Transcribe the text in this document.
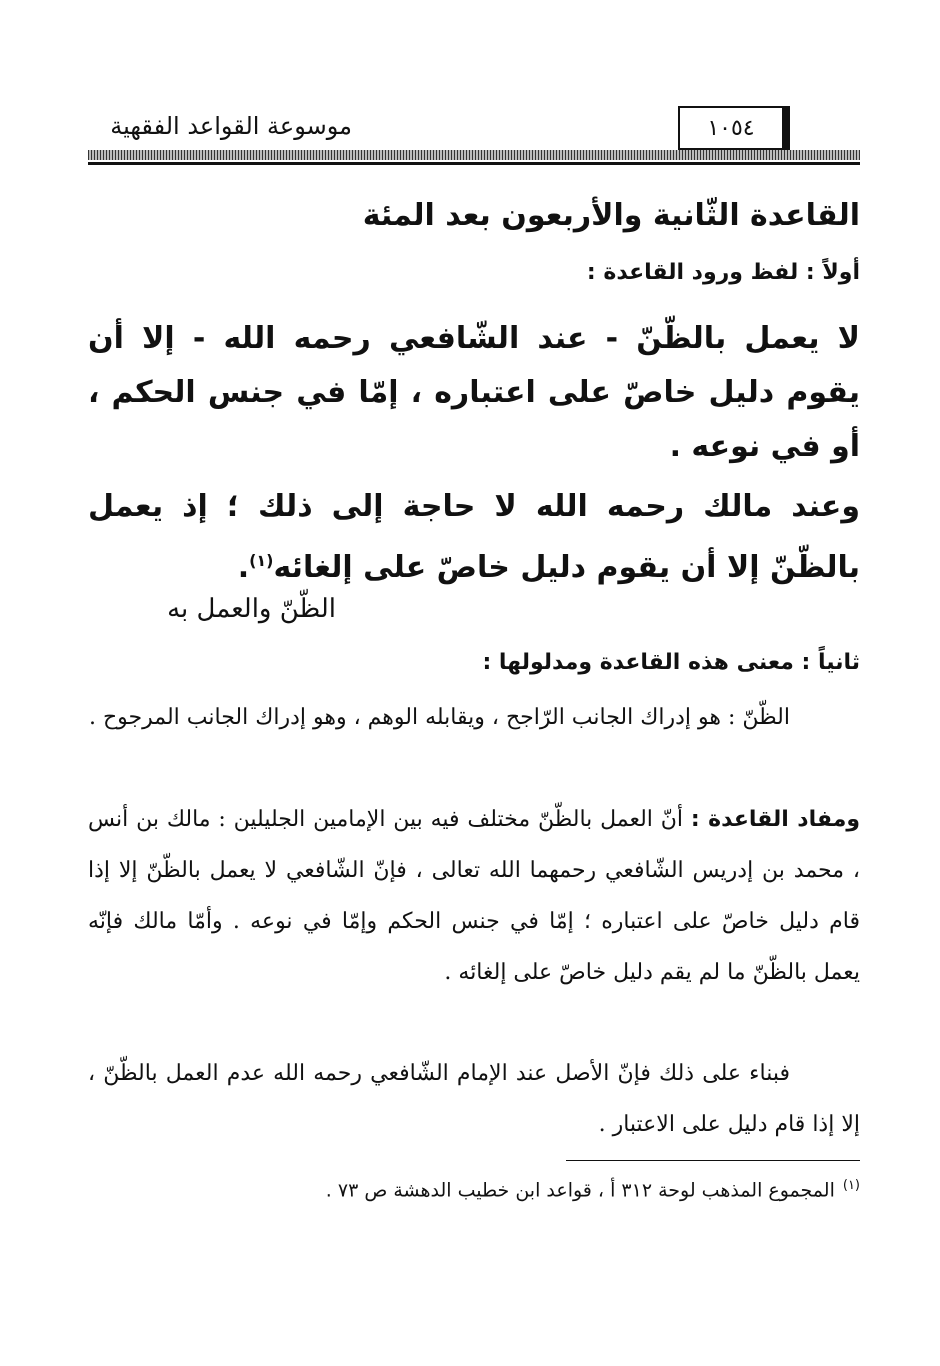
موسوعة القواعد الفقهية	١٠٥٤
القاعدة الثّانية والأربعون بعد المئة
أولاً : لفظ ورود القاعدة :
لا يعمل بالظّنّ - عند الشّافعي رحمه الله - إلا أن يقوم دليل خاصّ على اعتباره ، إمّا في جنس الحكم ، أو في نوعه .
وعند مالك رحمه الله لا حاجة إلى ذلك ؛ إذ يعمل بالظّنّ إلا أن يقوم دليل خاصّ على إلغائه$^{(١)}$.
الظّنّ والعمل به
ثانياً : معنى هذه القاعدة ومدلولها :
الظّنّ : هو إدراك الجانب الرّاجح ، ويقابله الوهم ، وهو إدراك الجانب المرجوح .
ومفاد القاعدة : أنّ العمل بالظّنّ مختلف فيه بين الإمامين الجليلين : مالك بن أنس ، محمد بن إدريس الشّافعي رحمهما الله تعالى ، فإنّ الشّافعي لا يعمل بالظّنّ إلا إذا قام دليل خاصّ على اعتباره ؛ إمّا في جنس الحكم وإمّا في نوعه . وأمّا مالك فإنّه يعمل بالظّنّ ما لم يقم دليل خاصّ على إلغائه .
فبناء على ذلك فإنّ الأصل عند الإمام الشّافعي رحمه الله عدم العمل بالظّنّ ، إلا إذا قام دليل على الاعتبار .
$^{(١)}$المجموع المذهب لوحة ٣١٢ أ ، قواعد ابن خطيب الدهشة ص ٧٣ .
